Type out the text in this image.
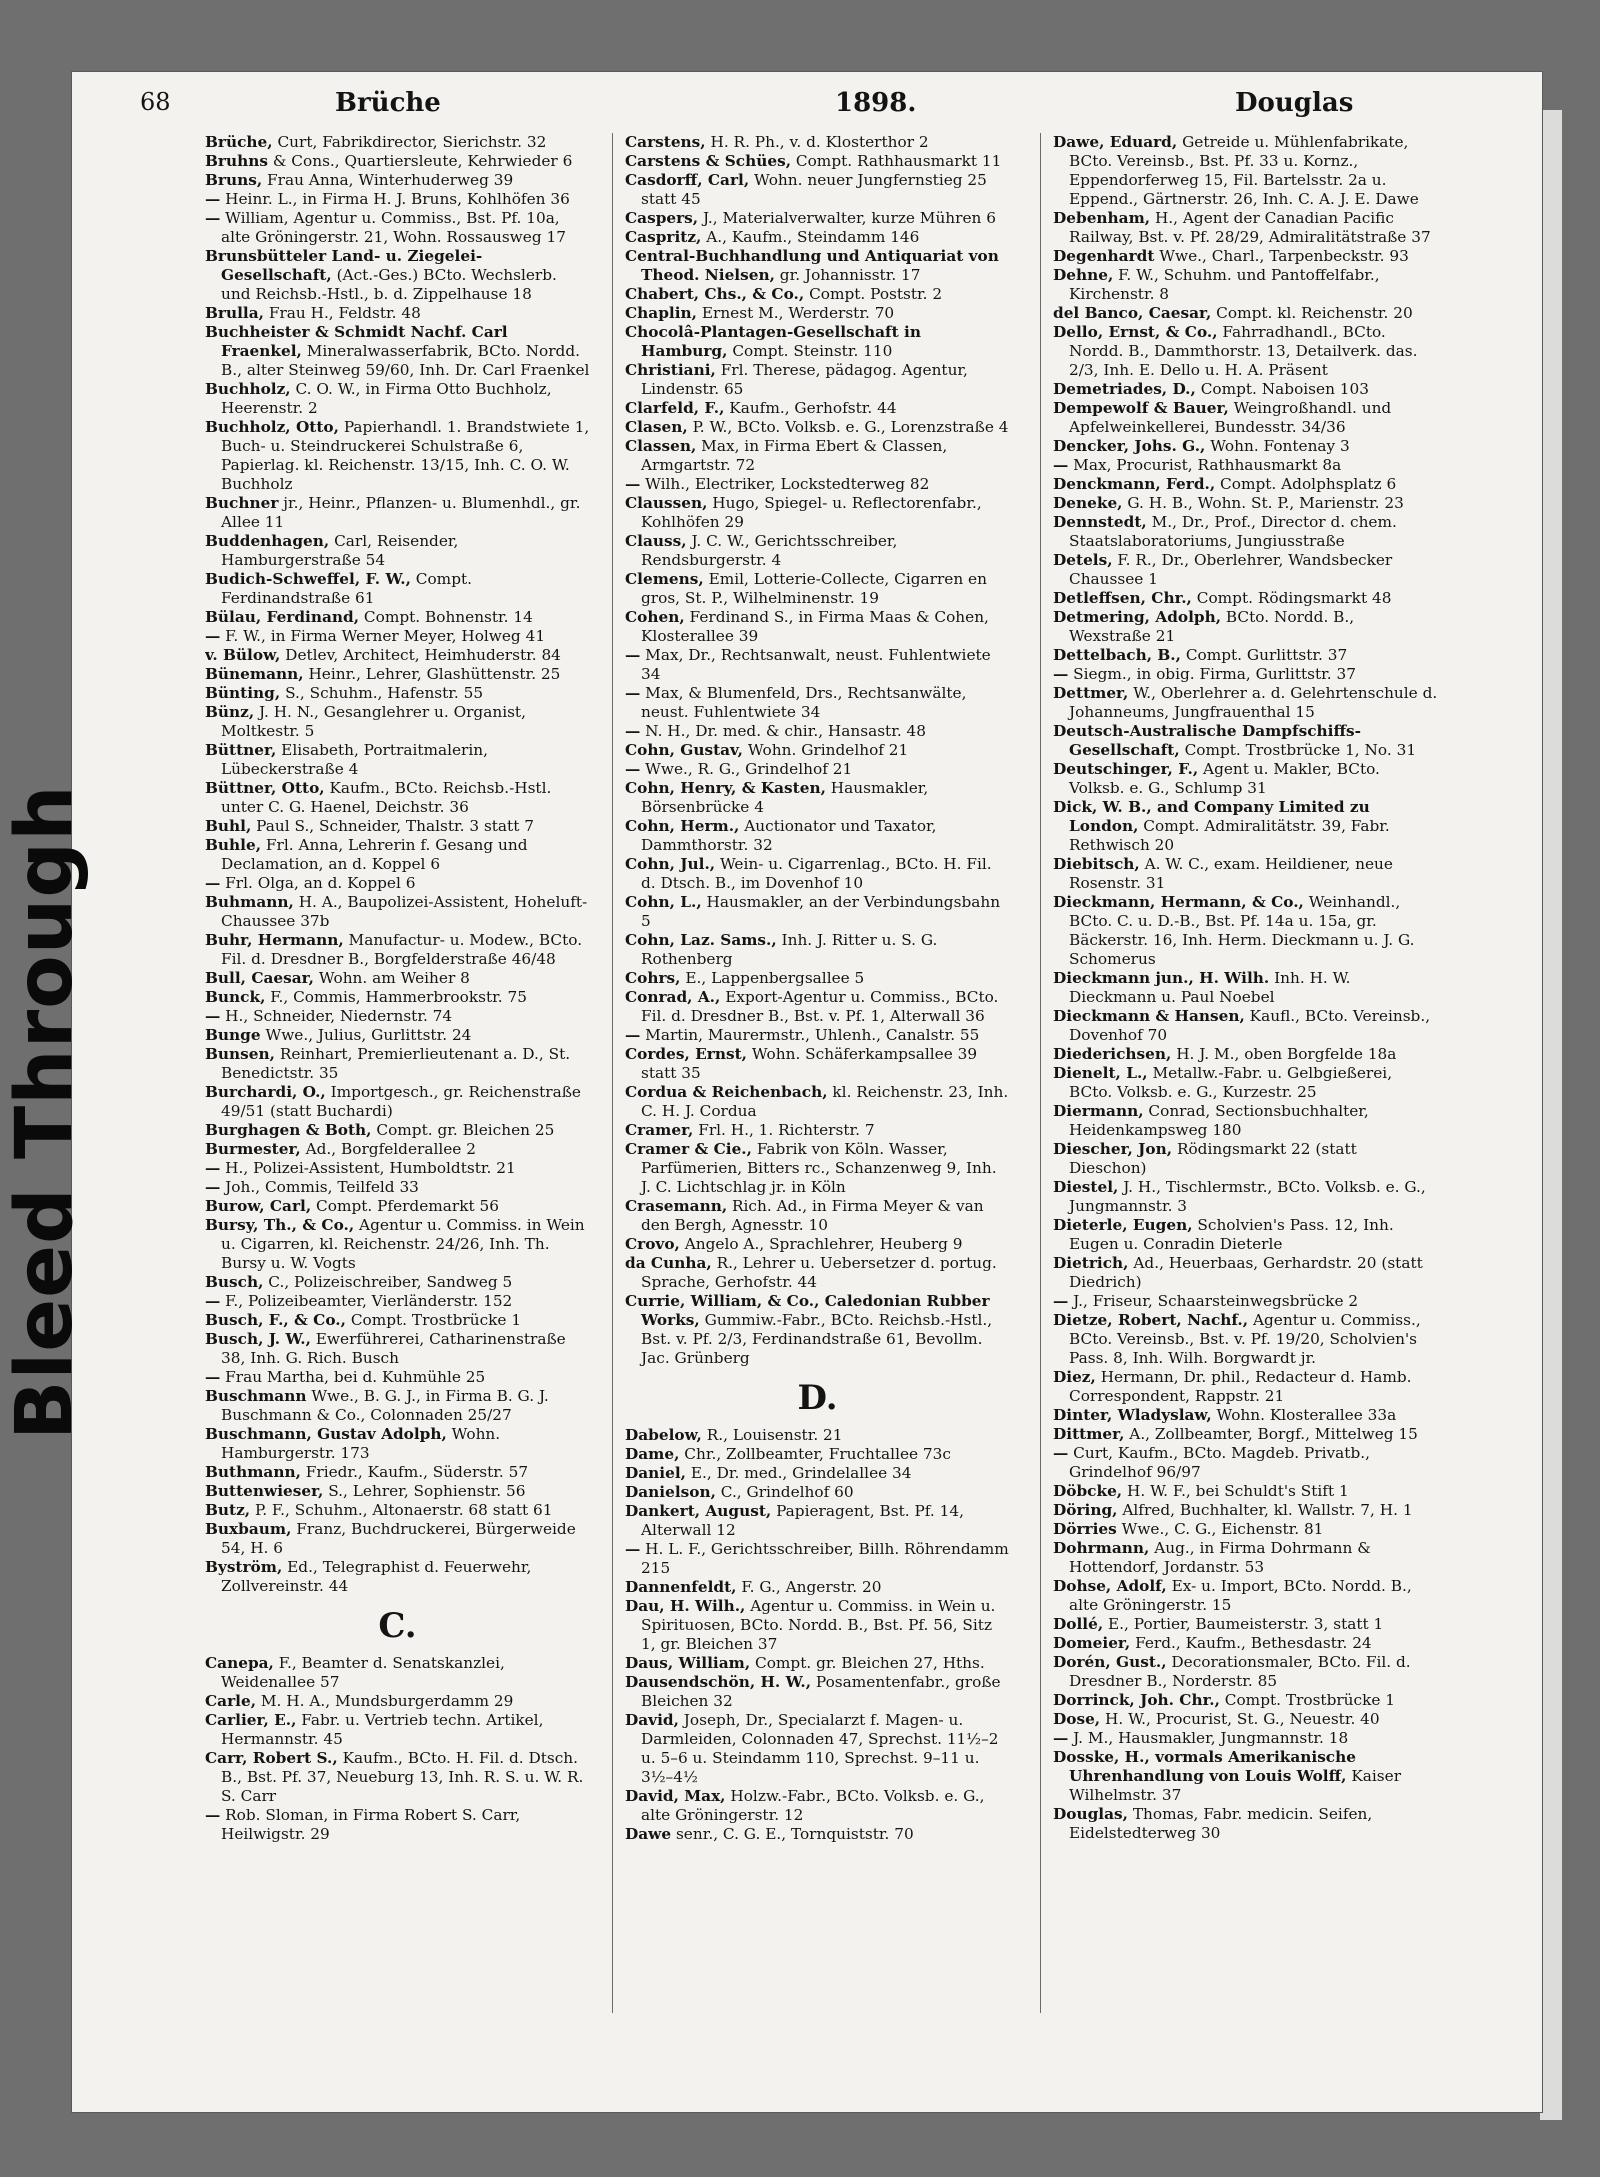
68	Brüche	1898.	Douglas
Bleed Through

Brüche, Curt, Fabrikdirector, Sierichstr. 32

Bruhns & Cons., Quartiersleute, Kehrwieder 6

Bruns, Frau Anna, Winterhuderweg 39

— Heinr. L., in Firma H. J. Bruns, Kohlhöfen 36

— William, Agentur u. Commiss., Bst. Pf. 10a, alte Gröningerstr. 21, Wohn. Rossausweg 17

Brunsbütteler Land- u. Ziegelei-Gesellschaft, (Act.-Ges.) BCto. Wechslerb. und Reichsb.-Hstl., b. d. Zippelhause 18

Brulla, Frau H., Feldstr. 48

Buchheister & Schmidt Nachf. Carl Fraenkel, Mineralwasserfabrik, BCto. Nordd. B., alter Steinweg 59/60, Inh. Dr. Carl Fraenkel

Buchholz, C. O. W., in Firma Otto Buchholz, Heerenstr. 2

Buchholz, Otto, Papierhandl. 1. Brandstwiete 1, Buch- u. Steindruckerei Schulstraße 6, Papierlag. kl. Reichenstr. 13/15, Inh. C. O. W. Buchholz

Buchner jr., Heinr., Pflanzen- u. Blumenhdl., gr. Allee 11

Buddenhagen, Carl, Reisender, Hamburgerstraße 54

Budich-Schweffel, F. W., Compt. Ferdinandstraße 61

Bülau, Ferdinand, Compt. Bohnenstr. 14

— F. W., in Firma Werner Meyer, Holweg 41

v. Bülow, Detlev, Architect, Heimhuderstr. 84

Bünemann, Heinr., Lehrer, Glashüttenstr. 25

Bünting, S., Schuhm., Hafenstr. 55

Bünz, J. H. N., Gesanglehrer u. Organist, Moltkestr. 5

Büttner, Elisabeth, Portraitmalerin, Lübeckerstraße 4

Büttner, Otto, Kaufm., BCto. Reichsb.-Hstl. unter C. G. Haenel, Deichstr. 36

Buhl, Paul S., Schneider, Thalstr. 3 statt 7

Buhle, Frl. Anna, Lehrerin f. Gesang und Declamation, an d. Koppel 6

— Frl. Olga, an d. Koppel 6

Buhmann, H. A., Baupolizei-Assistent, Hoheluft-Chaussee 37b

Buhr, Hermann, Manufactur- u. Modew., BCto. Fil. d. Dresdner B., Borgfelderstraße 46/48

Bull, Caesar, Wohn. am Weiher 8

Bunck, F., Commis, Hammerbrookstr. 75

— H., Schneider, Niedernstr. 74

Bunge Wwe., Julius, Gurlittstr. 24

Bunsen, Reinhart, Premierlieutenant a. D., St. Benedictstr. 35

Burchardi, O., Importgesch., gr. Reichenstraße 49/51 (statt Buchardi)

Burghagen & Both, Compt. gr. Bleichen 25

Burmester, Ad., Borgfelderallee 2

— H., Polizei-Assistent, Humboldtstr. 21

— Joh., Commis, Teilfeld 33

Burow, Carl, Compt. Pferdemarkt 56

Bursy, Th., & Co., Agentur u. Commiss. in Wein u. Cigarren, kl. Reichenstr. 24/26, Inh. Th. Bursy u. W. Vogts

Busch, C., Polizeischreiber, Sandweg 5

— F., Polizeibeamter, Vierländerstr. 152

Busch, F., & Co., Compt. Trostbrücke 1

Busch, J. W., Ewerführerei, Catharinenstraße 38, Inh. G. Rich. Busch

— Frau Martha, bei d. Kuhmühle 25

Buschmann Wwe., B. G. J., in Firma B. G. J. Buschmann & Co., Colonnaden 25/27

Buschmann, Gustav Adolph, Wohn. Hamburgerstr. 173

Buthmann, Friedr., Kaufm., Süderstr. 57

Buttenwieser, S., Lehrer, Sophienstr. 56

Butz, P. F., Schuhm., Altonaerstr. 68 statt 61

Buxbaum, Franz, Buchdruckerei, Bürgerweide 54, H. 6

Byström, Ed., Telegraphist d. Feuerwehr, Zollvereinstr. 44

C.

Canepa, F., Beamter d. Senatskanzlei, Weidenallee 57

Carle, M. H. A., Mundsburgerdamm 29

Carlier, E., Fabr. u. Vertrieb techn. Artikel, Hermannstr. 45

Carr, Robert S., Kaufm., BCto. H. Fil. d. Dtsch. B., Bst. Pf. 37, Neueburg 13, Inh. R. S. u. W. R. S. Carr

— Rob. Sloman, in Firma Robert S. Carr, Heilwigstr. 29

Carstens, H. R. Ph., v. d. Klosterthor 2

Carstens & Schües, Compt. Rathhausmarkt 11

Casdorff, Carl, Wohn. neuer Jungfernstieg 25 statt 45

Caspers, J., Materialverwalter, kurze Mühren 6

Caspritz, A., Kaufm., Steindamm 146

Central-Buchhandlung und Antiquariat von Theod. Nielsen, gr. Johannisstr. 17

Chabert, Chs., & Co., Compt. Poststr. 2

Chaplin, Ernest M., Werderstr. 70

Chocolâ-Plantagen-Gesellschaft in Hamburg, Compt. Steinstr. 110

Christiani, Frl. Therese, pädagog. Agentur, Lindenstr. 65

Clarfeld, F., Kaufm., Gerhofstr. 44

Clasen, P. W., BCto. Volksb. e. G., Lorenzstraße 4

Classen, Max, in Firma Ebert & Classen, Armgartstr. 72

— Wilh., Electriker, Lockstedterweg 82

Claussen, Hugo, Spiegel- u. Reflectorenfabr., Kohlhöfen 29

Clauss, J. C. W., Gerichtsschreiber, Rendsburgerstr. 4

Clemens, Emil, Lotterie-Collecte, Cigarren en gros, St. P., Wilhelminenstr. 19

Cohen, Ferdinand S., in Firma Maas & Cohen, Klosterallee 39

— Max, Dr., Rechtsanwalt, neust. Fuhlentwiete 34

— Max, & Blumenfeld, Drs., Rechtsanwälte, neust. Fuhlentwiete 34

— N. H., Dr. med. & chir., Hansastr. 48

Cohn, Gustav, Wohn. Grindelhof 21

— Wwe., R. G., Grindelhof 21

Cohn, Henry, & Kasten, Hausmakler, Börsenbrücke 4

Cohn, Herm., Auctionator und Taxator, Dammthorstr. 32

Cohn, Jul., Wein- u. Cigarrenlag., BCto. H. Fil. d. Dtsch. B., im Dovenhof 10

Cohn, L., Hausmakler, an der Verbindungsbahn 5

Cohn, Laz. Sams., Inh. J. Ritter u. S. G. Rothenberg

Cohrs, E., Lappenbergsallee 5

Conrad, A., Export-Agentur u. Commiss., BCto. Fil. d. Dresdner B., Bst. v. Pf. 1, Alterwall 36

— Martin, Maurermstr., Uhlenh., Canalstr. 55

Cordes, Ernst, Wohn. Schäferkampsallee 39 statt 35

Cordua & Reichenbach, kl. Reichenstr. 23, Inh. C. H. J. Cordua

Cramer, Frl. H., 1. Richterstr. 7

Cramer & Cie., Fabrik von Köln. Wasser, Parfümerien, Bitters rc., Schanzenweg 9, Inh. J. C. Lichtschlag jr. in Köln

Crasemann, Rich. Ad., in Firma Meyer & van den Bergh, Agnesstr. 10

Crovo, Angelo A., Sprachlehrer, Heuberg 9

da Cunha, R., Lehrer u. Uebersetzer d. portug. Sprache, Gerhofstr. 44

Currie, William, & Co., Caledonian Rubber Works, Gummiw.-Fabr., BCto. Reichsb.-Hstl., Bst. v. Pf. 2/3, Ferdinandstraße 61, Bevollm. Jac. Grünberg

D.

Dabelow, R., Louisenstr. 21

Dame, Chr., Zollbeamter, Fruchtallee 73c

Daniel, E., Dr. med., Grindelallee 34

Danielson, C., Grindelhof 60

Dankert, August, Papieragent, Bst. Pf. 14, Alterwall 12

— H. L. F., Gerichtsschreiber, Billh. Röhrendamm 215

Dannenfeldt, F. G., Angerstr. 20

Dau, H. Wilh., Agentur u. Commiss. in Wein u. Spirituosen, BCto. Nordd. B., Bst. Pf. 56, Sitz 1, gr. Bleichen 37

Daus, William, Compt. gr. Bleichen 27, Hths.

Dausendschön, H. W., Posamentenfabr., große Bleichen 32

David, Joseph, Dr., Specialarzt f. Magen- u. Darmleiden, Colonnaden 47, Sprechst. 11½–2 u. 5–6 u. Steindamm 110, Sprechst. 9–11 u. 3½–4½

David, Max, Holzw.-Fabr., BCto. Volksb. e. G., alte Gröningerstr. 12

Dawe senr., C. G. E., Tornquiststr. 70

Dawe, Eduard, Getreide u. Mühlenfabrikate, BCto. Vereinsb., Bst. Pf. 33 u. Kornz., Eppendorferweg 15, Fil. Bartelsstr. 2a u. Eppend., Gärtnerstr. 26, Inh. C. A. J. E. Dawe

Debenham, H., Agent der Canadian Pacific Railway, Bst. v. Pf. 28/29, Admiralitätstraße 37

Degenhardt Wwe., Charl., Tarpenbeckstr. 93

Dehne, F. W., Schuhm. und Pantoffelfabr., Kirchenstr. 8

del Banco, Caesar, Compt. kl. Reichenstr. 20

Dello, Ernst, & Co., Fahrradhandl., BCto. Nordd. B., Dammthorstr. 13, Detailverk. das. 2/3, Inh. E. Dello u. H. A. Präsent

Demetriades, D., Compt. Naboisen 103

Dempewolf & Bauer, Weingroßhandl. und Apfelweinkellerei, Bundesstr. 34/36

Dencker, Johs. G., Wohn. Fontenay 3

— Max, Procurist, Rathhausmarkt 8a

Denckmann, Ferd., Compt. Adolphsplatz 6

Deneke, G. H. B., Wohn. St. P., Marienstr. 23

Dennstedt, M., Dr., Prof., Director d. chem. Staatslaboratoriums, Jungiusstraße

Detels, F. R., Dr., Oberlehrer, Wandsbecker Chaussee 1

Detleffsen, Chr., Compt. Rödingsmarkt 48

Detmering, Adolph, BCto. Nordd. B., Wexstraße 21

Dettelbach, B., Compt. Gurlittstr. 37

— Siegm., in obig. Firma, Gurlittstr. 37

Dettmer, W., Oberlehrer a. d. Gelehrtenschule d. Johanneums, Jungfrauenthal 15

Deutsch-Australische Dampfschiffs-Gesellschaft, Compt. Trostbrücke 1, No. 31

Deutschinger, F., Agent u. Makler, BCto. Volksb. e. G., Schlump 31

Dick, W. B., and Company Limited zu London, Compt. Admiralitätstr. 39, Fabr. Rethwisch 20

Diebitsch, A. W. C., exam. Heildiener, neue Rosenstr. 31

Dieckmann, Hermann, & Co., Weinhandl., BCto. C. u. D.-B., Bst. Pf. 14a u. 15a, gr. Bäckerstr. 16, Inh. Herm. Dieckmann u. J. G. Schomerus

Dieckmann jun., H. Wilh. Inh. H. W. Dieckmann u. Paul Noebel

Dieckmann & Hansen, Kaufl., BCto. Vereinsb., Dovenhof 70

Diederichsen, H. J. M., oben Borgfelde 18a

Dienelt, L., Metallw.-Fabr. u. Gelbgießerei, BCto. Volksb. e. G., Kurzestr. 25

Diermann, Conrad, Sectionsbuchhalter, Heidenkampsweg 180

Diescher, Jon, Rödingsmarkt 22 (statt Dieschon)

Diestel, J. H., Tischlermstr., BCto. Volksb. e. G., Jungmannstr. 3

Dieterle, Eugen, Scholvien's Pass. 12, Inh. Eugen u. Conradin Dieterle

Dietrich, Ad., Heuerbaas, Gerhardstr. 20 (statt Diedrich)

— J., Friseur, Schaarsteinwegsbrücke 2

Dietze, Robert, Nachf., Agentur u. Commiss., BCto. Vereinsb., Bst. v. Pf. 19/20, Scholvien's Pass. 8, Inh. Wilh. Borgwardt jr.

Diez, Hermann, Dr. phil., Redacteur d. Hamb. Correspondent, Rappstr. 21

Dinter, Wladyslaw, Wohn. Klosterallee 33a

Dittmer, A., Zollbeamter, Borgf., Mittelweg 15

— Curt, Kaufm., BCto. Magdeb. Privatb., Grindelhof 96/97

Döbcke, H. W. F., bei Schuldt's Stift 1

Döring, Alfred, Buchhalter, kl. Wallstr. 7, H. 1

Dörries Wwe., C. G., Eichenstr. 81

Dohrmann, Aug., in Firma Dohrmann & Hottendorf, Jordanstr. 53

Dohse, Adolf, Ex- u. Import, BCto. Nordd. B., alte Gröningerstr. 15

Dollé, E., Portier, Baumeisterstr. 3, statt 1

Domeier, Ferd., Kaufm., Bethesdastr. 24

Dorén, Gust., Decorationsmaler, BCto. Fil. d. Dresdner B., Norderstr. 85

Dorrinck, Joh. Chr., Compt. Trostbrücke 1

Dose, H. W., Procurist, St. G., Neuestr. 40

— J. M., Hausmakler, Jungmannstr. 18

Dosske, H., vormals Amerikanische Uhrenhandlung von Louis Wolff, Kaiser Wilhelmstr. 37

Douglas, Thomas, Fabr. medicin. Seifen, Eidelstedterweg 30
